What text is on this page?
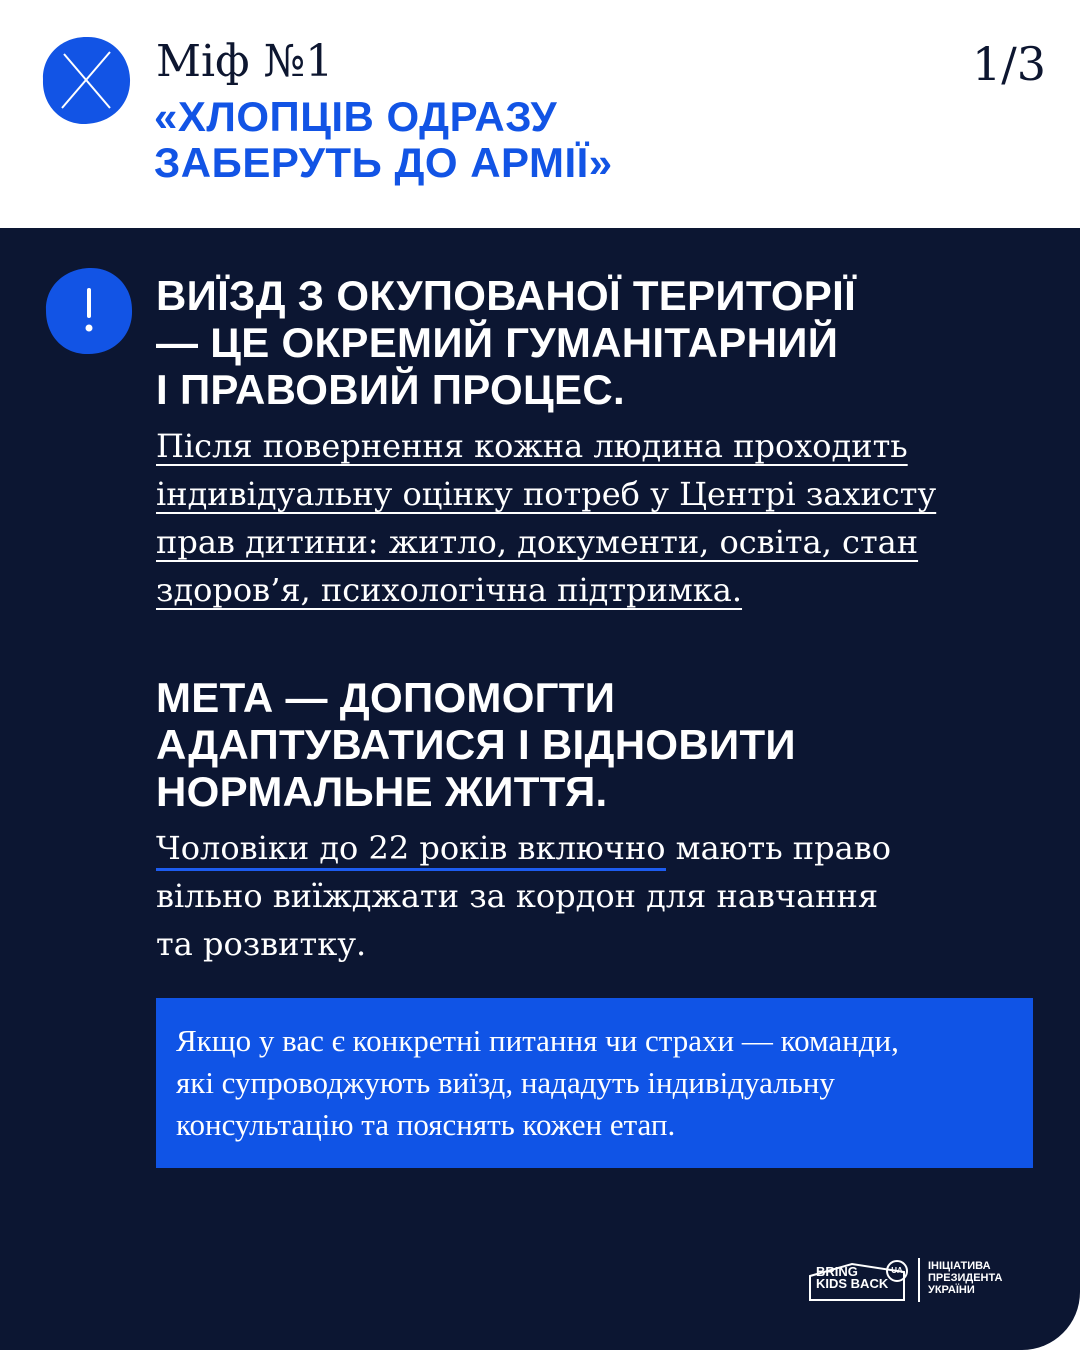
Міф №1	1/3
«ХЛОПЦІВ ОДРАЗУ
ЗАБЕРУТЬ ДО АРМІЇ»
ВИЇЗД З ОКУПОВАНОЇ ТЕРИТОРІЇ
— ЦЕ ОКРЕМИЙ ГУМАНІТАРНИЙ
І ПРАВОВИЙ ПРОЦЕС.
Після повернення кожна людина проходить
індивідуальну оцінку потреб у Центрі захисту
прав дитини: житло, документи, освіта, стан
здоров’я, психологічна підтримка.
МЕТА — ДОПОМОГТИ
АДАПТУВАТИСЯ І ВІДНОВИТИ
НОРМАЛЬНЕ ЖИТТЯ.
Чоловіки до 22 років включно мають право
вільно виїжджати за кордон для навчання
та розвитку.
Якщо у вас є конкретні питання чи страхи — команди,
які супроводжують виїзд, нададуть індивідуальну
консультацію та пояснять кожен етап.
BRING
KIDS BACK
UA	ІНІЦІАТИВА
ПРЕЗИДЕНТА
УКРАЇНИ
